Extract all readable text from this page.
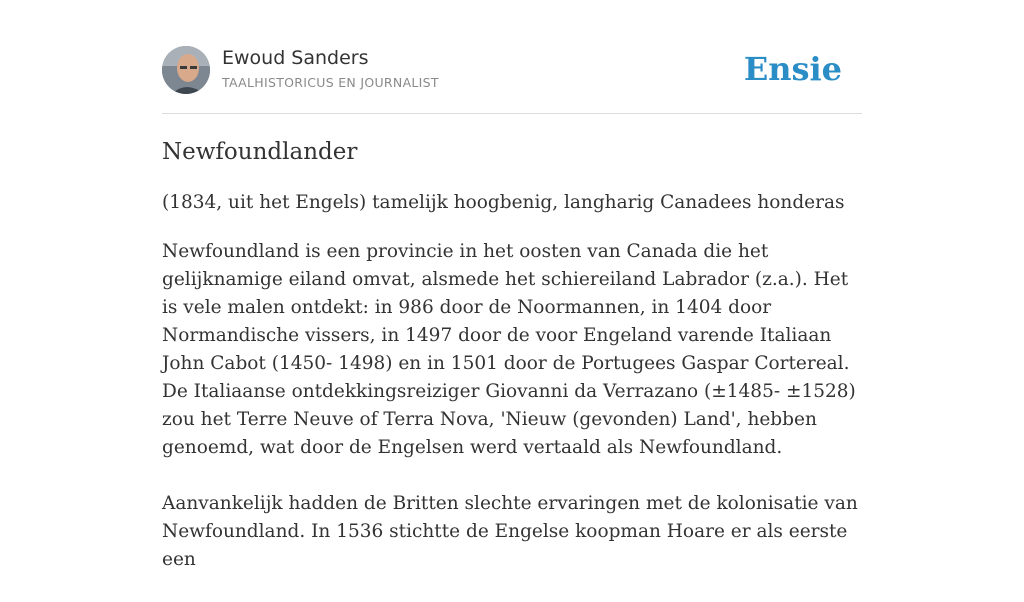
Ewoud Sanders
TAALHISTORICUS EN JOURNALIST	Ensie
Newfoundlander

(1834, uit het Engels) tamelijk hoogbenig, langharig Canadees honderas

Newfoundland is een provincie in het oosten van Canada die het gelijknamige eiland omvat, alsmede het schiereiland Labrador (z.a.). Het is vele malen ontdekt: in 986 door de Noormannen, in 1404 door Normandische vissers, in 1497 door de voor Engeland varende Italiaan John Cabot (1450- 1498) en in 1501 door de Portugees Gaspar Cortereal. De Italiaanse ontdekkingsreiziger Giovanni da Verrazano (±1485- ±1528) zou het Terre Neuve of Terra Nova, 'Nieuw (gevonden) Land', hebben genoemd, wat door de Engelsen werd vertaald als Newfoundland.

Aanvankelijk hadden de Britten slechte ervaringen met de kolonisatie van Newfoundland. In 1536 stichtte de Engelse koopman Hoare er als eerste een
